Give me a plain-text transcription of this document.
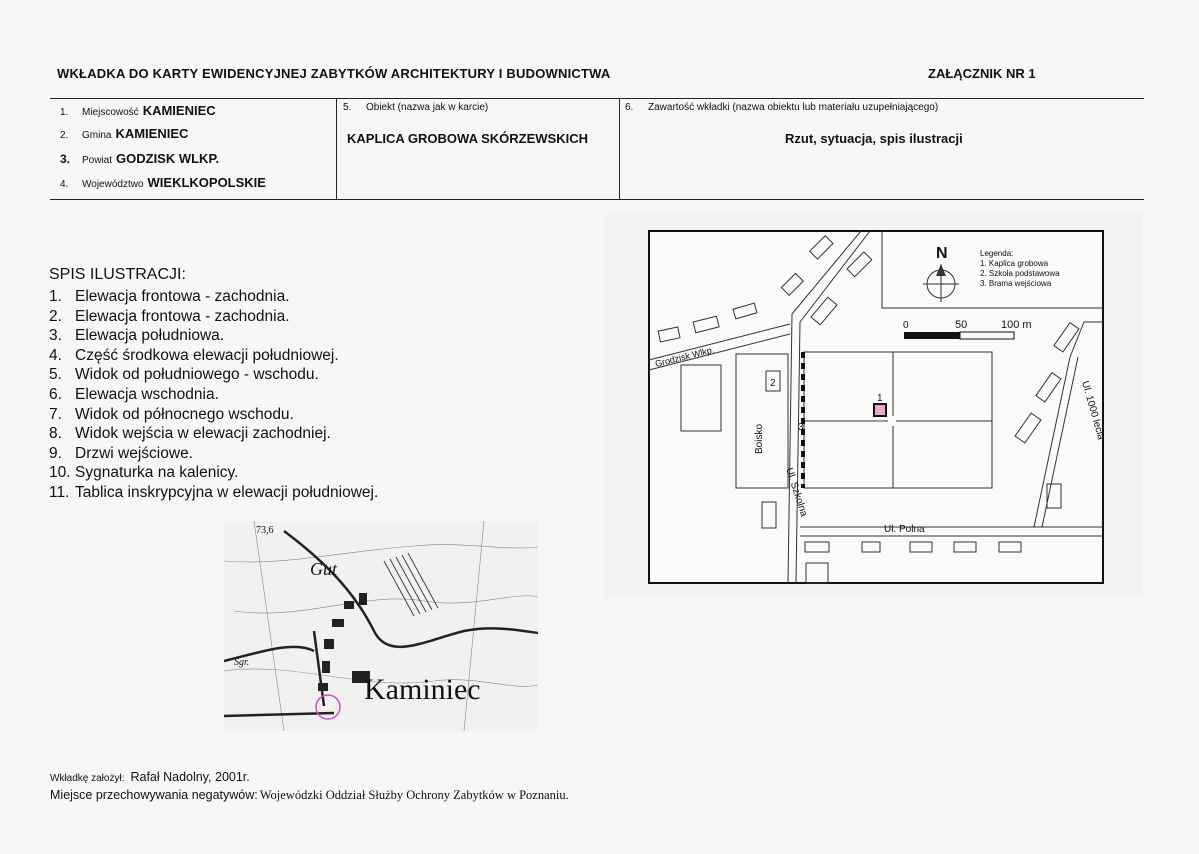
WKŁADKA DO KARTY EWIDENCYJNEJ ZABYTKÓW ARCHITEKTURY I BUDOWNICTWA	ZAŁĄCZNIK NR 1
1.	Miejscowość KAMIENIEC
2.	Gmina KAMIENIEC
3.	Powiat GODZISK WLKP.
4.	Województwo WIEKLKOPOLSKIE
5. Obiekt (nazwa jak w karcie)
KAPLICA GROBOWA SKÓRZEWSKICH
6. Zawartość wkładki (nazwa obiektu lub materiału uzupełniającego)
Rzut, sytuacja, spis ilustracji
SPIS ILUSTRACJI:
1. Elewacja frontowa - zachodnia.
2. Elewacja frontowa - zachodnia.
3. Elewacja południowa.
4. Część środkowa elewacji południowej.
5. Widok od południowego - wschodu.
6. Elewacja wschodnia.
7. Widok od północnego wschodu.
8. Widok wejścia w elewacji zachodniej.
9. Drzwi wejściowe.
10. Sygnaturka na kalenicy.
11. Tablica inskrypcyjna w elewacji południowej.
N	Legenda:
1. Kaplica grobowa
2. Szkoła podstawowa
3. Brama wejściowa
0	50	100 m
Grodzisk Wlkp.
Ul. 1000 lecia
Ul. Szkolna
Ul. Polna
Boisko
1
2
3
Kaminiec
Gut
73,6
Sgr.
Wkładkę założył: Rafał Nadolny, 2001r.
Miejsce przechowywania negatywów: Wojewódzki Oddział Służby Ochrony Zabytków w Poznaniu.
